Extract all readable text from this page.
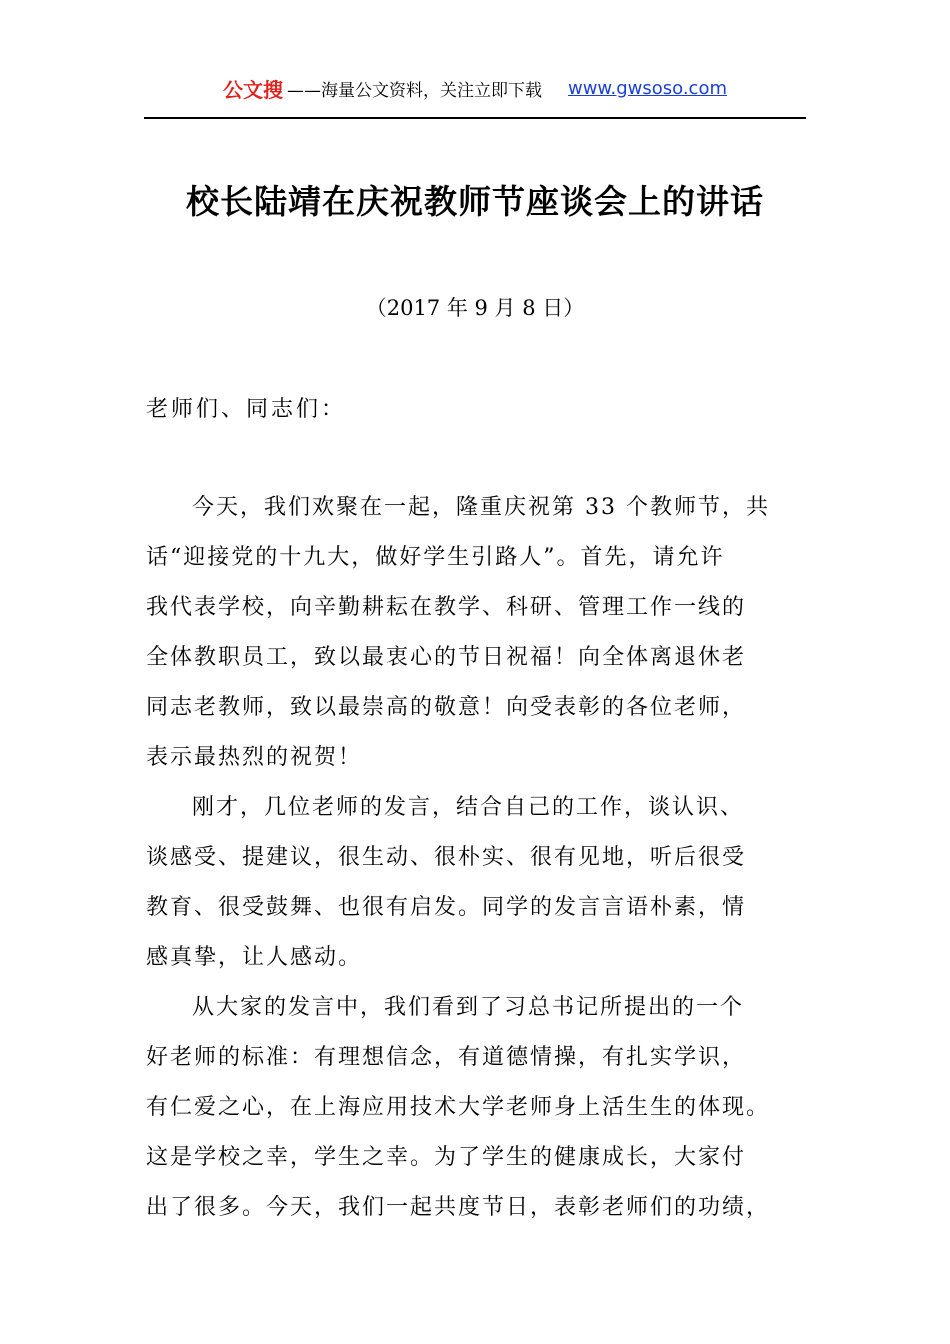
公文搜 ——海量公文资料，关注立即下载 www.gwsoso.com
校长陆靖在庆祝教师节座谈会上的讲话
（2017 年 9 月 8 日）
老师们、同志们：
今天，我们欢聚在一起，隆重庆祝第 33 个教师节，共
话“迎接党的十九大，做好学生引路人”。首先，请允许
我代表学校，向辛勤耕耘在教学、科研、管理工作一线的
全体教职员工，致以最衷心的节日祝福！向全体离退休老
同志老教师，致以最崇高的敬意！向受表彰的各位老师，
表示最热烈的祝贺！
刚才，几位老师的发言，结合自己的工作，谈认识、
谈感受、提建议，很生动、很朴实、很有见地，听后很受
教育、很受鼓舞、也很有启发。同学的发言言语朴素，情
感真挚，让人感动。
从大家的发言中，我们看到了习总书记所提出的一个
好老师的标准：有理想信念，有道德情操，有扎实学识，
有仁爱之心，在上海应用技术大学老师身上活生生的体现。
这是学校之幸，学生之幸。为了学生的健康成长，大家付
出了很多。今天，我们一起共度节日，表彰老师们的功绩，
